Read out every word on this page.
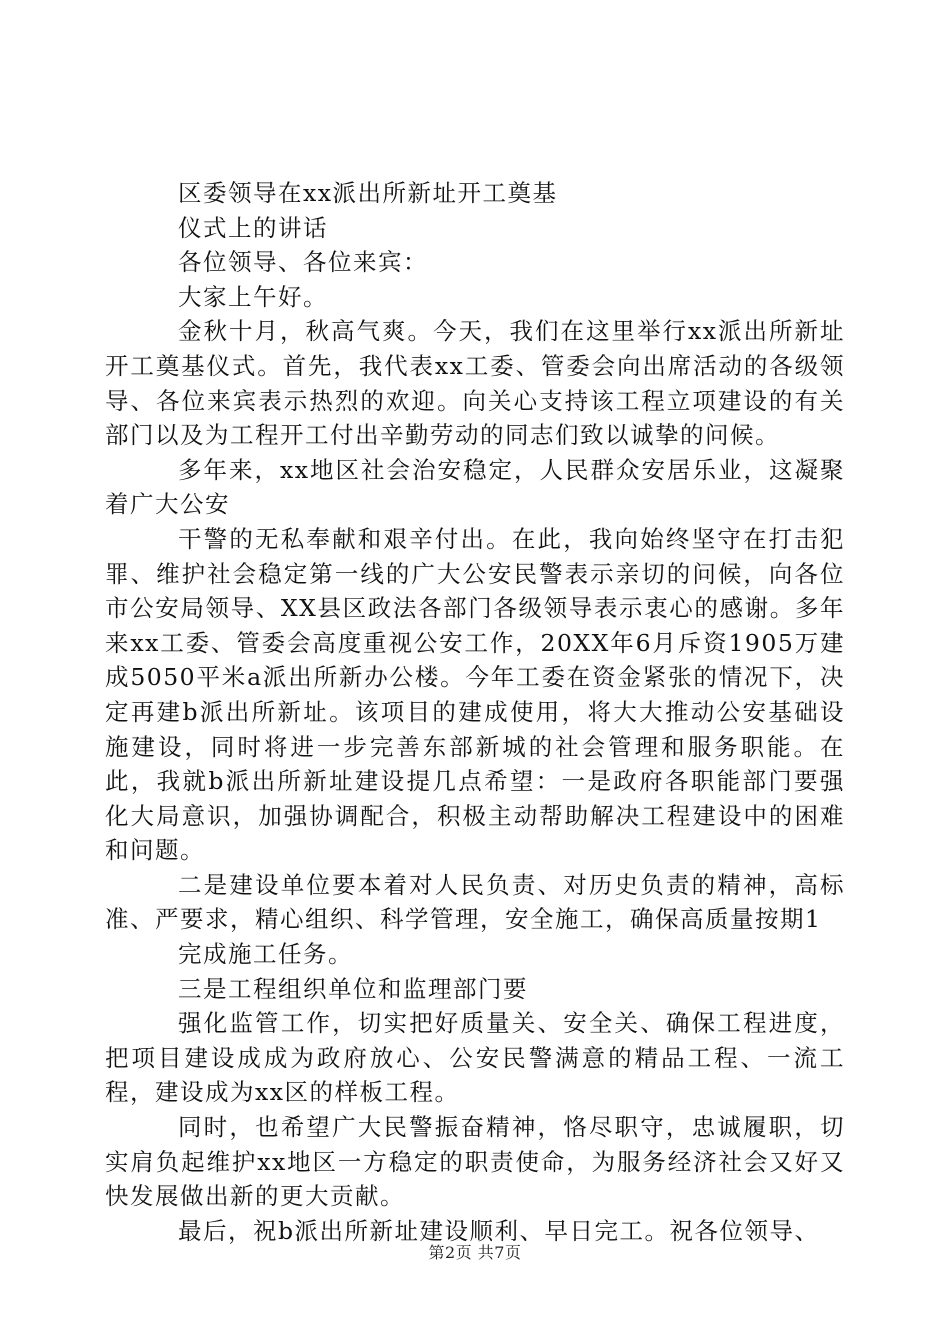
区委领导在xx派出所新址开工奠基

仪式上的讲话

各位领导、各位来宾：

大家上午好。

金秋十月，秋高气爽。今天，我们在这里举行xx派出所新址开工奠基仪式。首先，我代表xx工委、管委会向出席活动的各级领导、各位来宾表示热烈的欢迎。向关心支持该工程立项建设的有关部门以及为工程开工付出辛勤劳动的同志们致以诚挚的问候。

多年来，xx地区社会治安稳定，人民群众安居乐业，这凝聚着广大公安

干警的无私奉献和艰辛付出。在此，我向始终坚守在打击犯罪、维护社会稳定第一线的广大公安民警表示亲切的问候，向各位市公安局领导、XX县区政法各部门各级领导表示衷心的感谢。多年来xx工委、管委会高度重视公安工作，20XX年6月斥资1905万建成5050平米a派出所新办公楼。今年工委在资金紧张的情况下，决定再建b派出所新址。该项目的建成使用，将大大推动公安基础设施建设，同时将进一步完善东部新城的社会管理和服务职能。在此，我就b派出所新址建设提几点希望：一是政府各职能部门要强化大局意识，加强协调配合，积极主动帮助解决工程建设中的困难和问题。

二是建设单位要本着对人民负责、对历史负责的精神，高标准、严要求，精心组织、科学管理，安全施工，确保高质量按期1

完成施工任务。

三是工程组织单位和监理部门要

强化监管工作，切实把好质量关、安全关、确保工程进度，把项目建设成成为政府放心、公安民警满意的精品工程、一流工程，建设成为xx区的样板工程。

同时，也希望广大民警振奋精神，恪尽职守，忠诚履职，切实肩负起维护xx地区一方稳定的职责使命，为服务经济社会又好又快发展做出新的更大贡献。

最后，祝b派出所新址建设顺利、早日完工。祝各位领导、

第2页 共7页
